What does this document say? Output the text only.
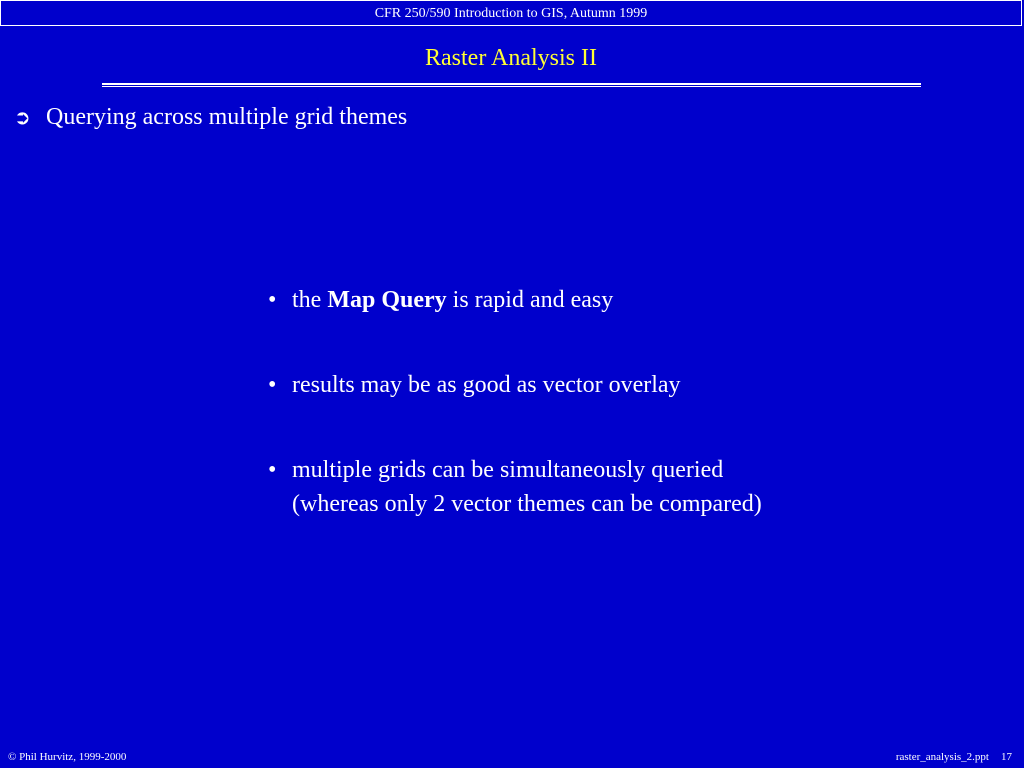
CFR 250/590 Introduction to GIS, Autumn 1999
Raster Analysis II
➲ Querying across multiple grid themes
• the Map Query is rapid and easy
• results may be as good as vector overlay
• multiple grids can be simultaneously queried
(whereas only 2 vector themes can be compared)
© Phil Hurvitz, 1999-2000	raster_analysis_2.ppt 17
